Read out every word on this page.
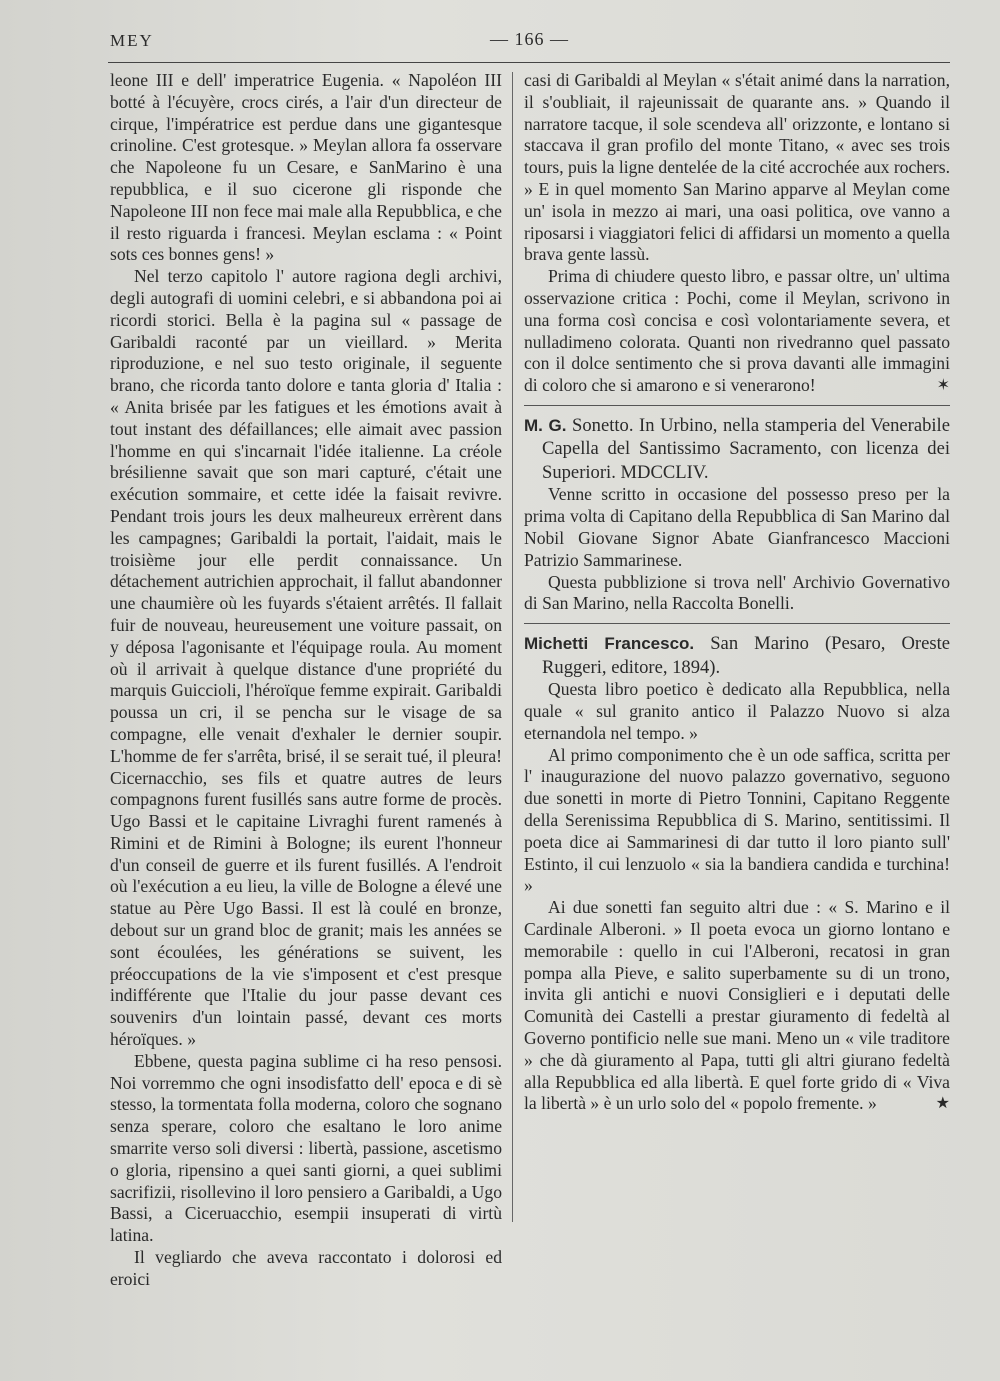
MEY	— 166 —

leone III e dell' imperatrice Eugenia. « Napoléon III botté à l'écuyère, crocs cirés, a l'air d'un directeur de cirque, l'impératrice est perdue dans une gigantesque crinoline. C'est grotesque. » Meylan allora fa osservare che Napoleone fu un Cesare, e SanMarino è una repubblica, e il suo cicerone gli risponde che Napoleone III non fece mai male alla Repubblica, e che il resto riguarda i francesi. Meylan esclama : « Point sots ces bonnes gens! »

Nel terzo capitolo l' autore ragiona degli archivi, degli autografi di uomini celebri, e si abbandona poi ai ricordi storici. Bella è la pagina sul « passage de Garibaldi raconté par un vieillard. » Merita riproduzione, e nel suo testo originale, il seguente brano, che ricorda tanto dolore e tanta gloria d' Italia : « Anita brisée par les fatigues et les émotions avait à tout instant des défaillances; elle aimait avec passion l'homme en qui s'incarnait l'idée italienne. La créole brésilienne savait que son mari capturé, c'était une exécution sommaire, et cette idée la faisait revivre. Pendant trois jours les deux malheureux errèrent dans les campagnes; Garibaldi la portait, l'aidait, mais le troisième jour elle perdit connaissance. Un détachement autrichien approchait, il fallut abandonner une chaumière où les fuyards s'étaient arrêtés. Il fallait fuir de nouveau, heureusement une voiture passait, on y déposa l'agonisante et l'équipage roula. Au moment où il arrivait à quelque distance d'une propriété du marquis Guiccioli, l'héroïque femme expirait. Garibaldi poussa un cri, il se pencha sur le visage de sa compagne, elle venait d'exhaler le dernier soupir. L'homme de fer s'arrêta, brisé, il se serait tué, il pleura! Cicernacchio, ses fils et quatre autres de leurs compagnons furent fusillés sans autre forme de procès. Ugo Bassi et le capitaine Livraghi furent ramenés à Rimini et de Rimini à Bologne; ils eurent l'honneur d'un conseil de guerre et ils furent fusillés. A l'endroit où l'exécution a eu lieu, la ville de Bologne a élevé une statue au Père Ugo Bassi. Il est là coulé en bronze, debout sur un grand bloc de granit; mais les années se sont écoulées, les générations se suivent, les préoccupations de la vie s'imposent et c'est presque indifférente que l'Italie du jour passe devant ces souvenirs d'un lointain passé, devant ces morts héroïques. »

Ebbene, questa pagina sublime ci ha reso pensosi. Noi vorremmo che ogni insodisfatto dell' epoca e di sè stesso, la tormentata folla moderna, coloro che sognano senza sperare, coloro che esaltano le loro anime smarrite verso soli diversi : libertà, passione, ascetismo o gloria, ripensino a quei santi giorni, a quei sublimi sacrifizii, risollevino il loro pensiero a Garibaldi, a Ugo Bassi, a Ciceruacchio, esempii insuperati di virtù latina.

Il vegliardo che aveva raccontato i dolorosi ed eroici

casi di Garibaldi al Meylan « s'était animé dans la narration, il s'oubliait, il rajeunissait de quarante ans. » Quando il narratore tacque, il sole scendeva all' orizzonte, e lontano si staccava il gran profilo del monte Titano, « avec ses trois tours, puis la ligne dentelée de la cité accrochée aux rochers. » E in quel momento San Marino apparve al Meylan come un' isola in mezzo ai mari, una oasi politica, ove vanno a riposarsi i viaggiatori felici di affidarsi un momento a quella brava gente lassù.

Prima di chiudere questo libro, e passar oltre, un' ultima osservazione critica : Pochi, come il Meylan, scrivono in una forma così concisa e così volontariamente severa, et nulladimeno colorata. Quanti non rivedranno quel passato con il dolce sentimento che si prova davanti alle immagini di coloro che si amarono e si venerarono!	✶

M. G. Sonetto. In Urbino, nella stamperia del Venerabile Capella del Santissimo Sacramento, con licenza dei Superiori. MDCCLIV.

Venne scritto in occasione del possesso preso per la prima volta di Capitano della Repubblica di San Marino dal Nobil Giovane Signor Abate Gianfrancesco Maccioni Patrizio Sammarinese.

Questa pubblizione si trova nell' Archivio Governativo di San Marino, nella Raccolta Bonelli.

Michetti Francesco. San Marino (Pesaro, Oreste Ruggeri, editore, 1894).

Questa libro poetico è dedicato alla Repubblica, nella quale « sul granito antico il Palazzo Nuovo si alza eternandola nel tempo. »

Al primo componimento che è un ode saffica, scritta per l' inaugurazione del nuovo palazzo governativo, seguono due sonetti in morte di Pietro Tonnini, Capitano Reggente della Serenissima Repubblica di S. Marino, sentitissimi. Il poeta dice ai Sammarinesi di dar tutto il loro pianto sull' Estinto, il cui lenzuolo « sia la bandiera candida e turchina! »

Ai due sonetti fan seguito altri due : « S. Marino e il Cardinale Alberoni. » Il poeta evoca un giorno lontano e memorabile : quello in cui l'Alberoni, recatosi in gran pompa alla Pieve, e salito superbamente su di un trono, invita gli antichi e nuovi Consiglieri e i deputati delle Comunità dei Castelli a prestar giuramento di fedeltà al Governo pontificio nelle sue mani. Meno un « vile traditore » che dà giuramento al Papa, tutti gli altri giurano fedeltà alla Repubblica ed alla libertà. E quel forte grido di « Viva la libertà » è un urlo solo del « popolo fremente. »	★
